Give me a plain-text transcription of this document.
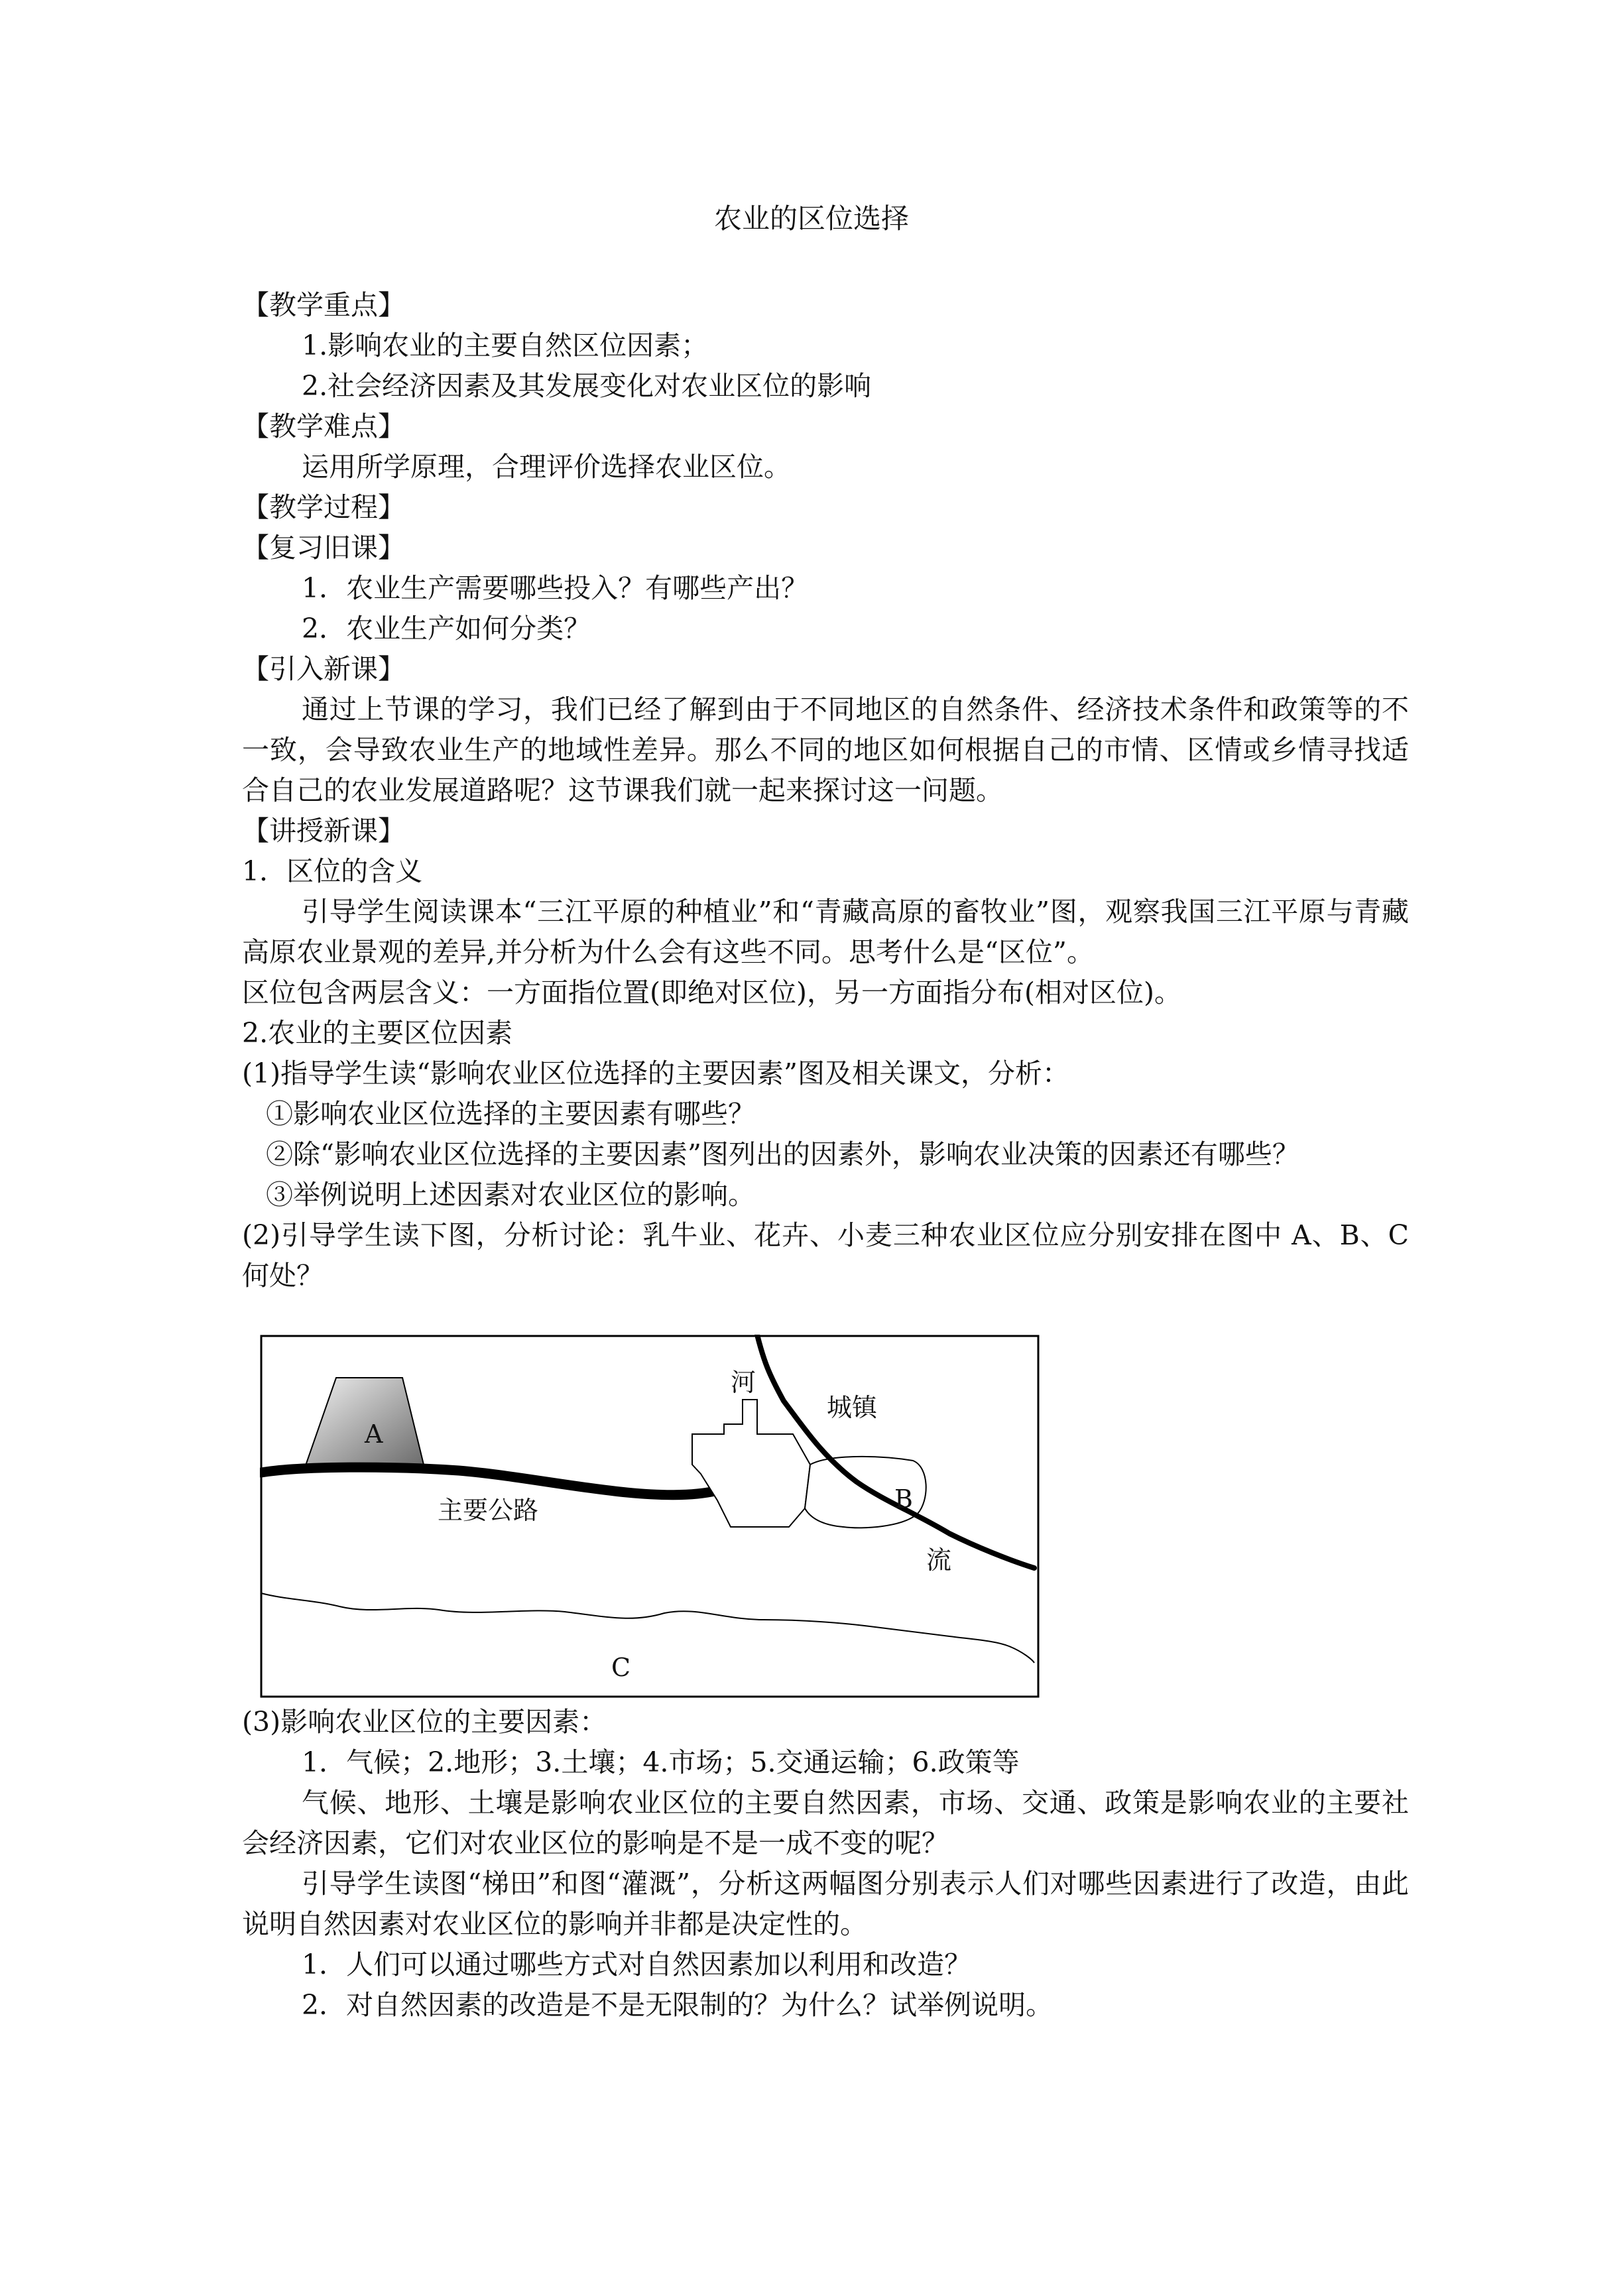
农业的区位选择
【教学重点】
1.影响农业的主要自然区位因素；
2.社会经济因素及其发展变化对农业区位的影响
【教学难点】
运用所学原理，合理评价选择农业区位。
【教学过程】
【复习旧课】
1．农业生产需要哪些投入？有哪些产出？
2．农业生产如何分类？
【引入新课】
通过上节课的学习，我们已经了解到由于不同地区的自然条件、经济技术条件和政策等的不一致，会导致农业生产的地域性差异。那么不同的地区如何根据自己的市情、区情或乡情寻找适合自己的农业发展道路呢？这节课我们就一起来探讨这一问题。
【讲授新课】
1．区位的含义
引导学生阅读课本“三江平原的种植业”和“青藏高原的畜牧业”图，观察我国三江平原与青藏高原农业景观的差异,并分析为什么会有这些不同。思考什么是“区位”。
区位包含两层含义：一方面指位置(即绝对区位)，另一方面指分布(相对区位)。
2.农业的主要区位因素
(1)指导学生读“影响农业区位选择的主要因素”图及相关课文，分析：
①影响农业区位选择的主要因素有哪些？
②除“影响农业区位选择的主要因素”图列出的因素外，影响农业决策的因素还有哪些？
③举例说明上述因素对农业区位的影响。
(2)引导学生读下图，分析讨论：乳牛业、花卉、小麦三种农业区位应分别安排在图中 A、B、C 何处？
A
主要公路
河
城镇
B
流
C
(3)影响农业区位的主要因素：
1．气候；2.地形；3.土壤；4.市场；5.交通运输；6.政策等
气候、地形、土壤是影响农业区位的主要自然因素，市场、交通、政策是影响农业的主要社会经济因素，它们对农业区位的影响是不是一成不变的呢？
引导学生读图“梯田”和图“灌溉”，分析这两幅图分别表示人们对哪些因素进行了改造，由此说明自然因素对农业区位的影响并非都是决定性的。
1．人们可以通过哪些方式对自然因素加以利用和改造？
2．对自然因素的改造是不是无限制的？为什么？试举例说明。
